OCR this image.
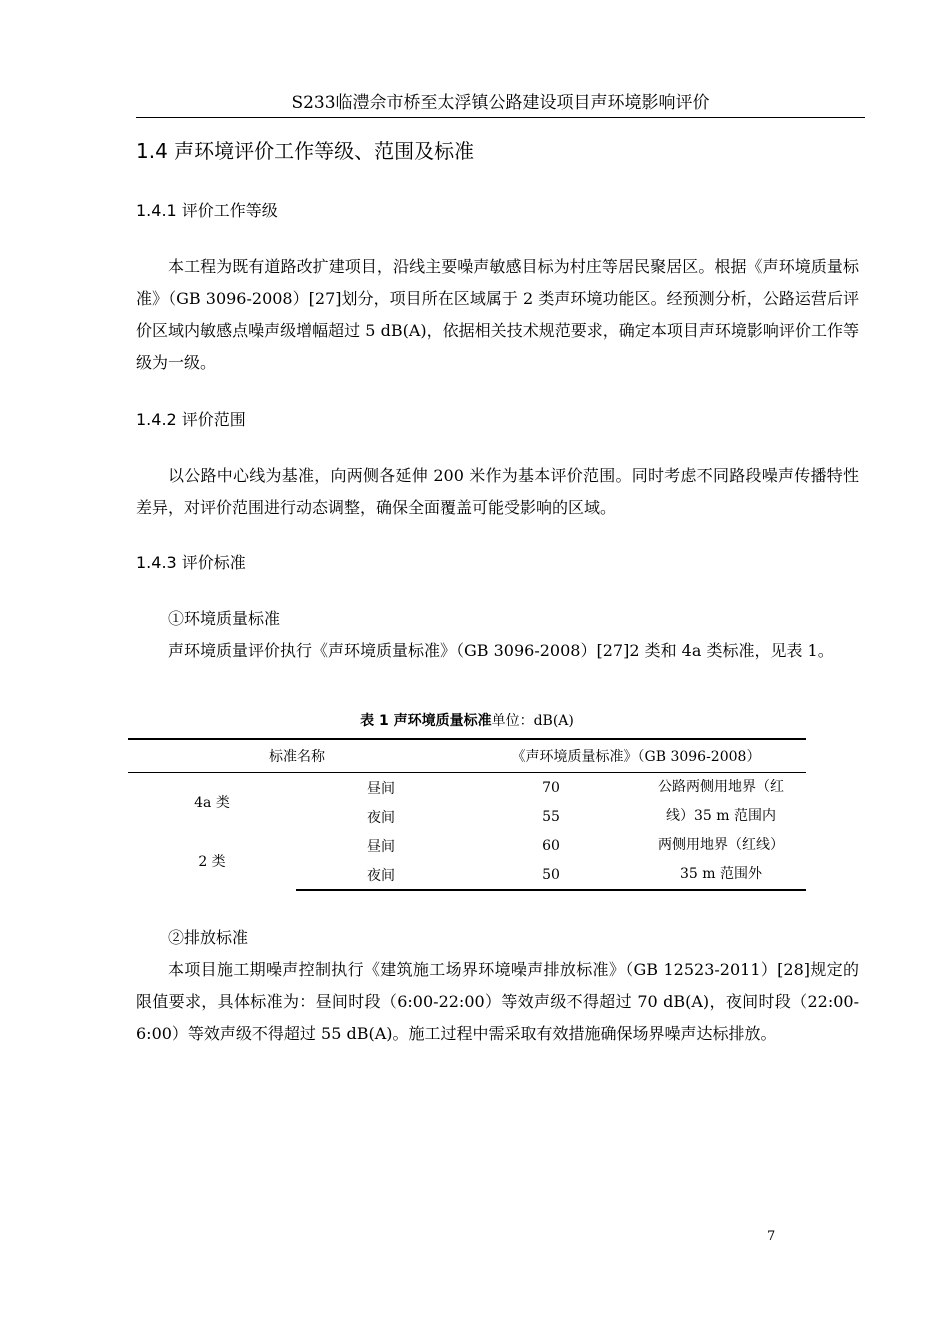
S233临澧佘市桥至太浮镇公路建设项目声环境影响评价
1.4 声环境评价工作等级、范围及标准
1.4.1 评价工作等级
本工程为既有道路改扩建项目，沿线主要噪声敏感目标为村庄等居民聚居区。根据《声环境质量标准》（GB 3096-2008）[27]划分，项目所在区域属于 2 类声环境功能区。经预测分析，公路运营后评价区域内敏感点噪声级增幅超过 5 dB(A)，依据相关技术规范要求，确定本项目声环境影响评价工作等级为一级。
1.4.2 评价范围
以公路中心线为基准，向两侧各延伸 200 米作为基本评价范围。同时考虑不同路段噪声传播特性差异，对评价范围进行动态调整，确保全面覆盖可能受影响的区域。
1.4.3 评价标准
①环境质量标准
声环境质量评价执行《声环境质量标准》（GB 3096-2008）[27]2 类和 4a 类标准，见表 1。
表 1 声环境质量标准单位：dB(A)
标准名称		《声环境质量标准》（GB 3096-2008）	
4a 类	昼间	70	公路两侧用地界（红
	夜间	55	线）35 m 范围内
2 类	昼间	60	两侧用地界（红线）
	夜间	50	35 m 范围外
②排放标准
本项目施工期噪声控制执行《建筑施工场界环境噪声排放标准》（GB 12523-2011）[28]规定的限值要求，具体标准为：昼间时段（6:00-22:00）等效声级不得超过 70 dB(A)，夜间时段（22:00-6:00）等效声级不得超过 55 dB(A)。施工过程中需采取有效措施确保场界噪声达标排放。
7
